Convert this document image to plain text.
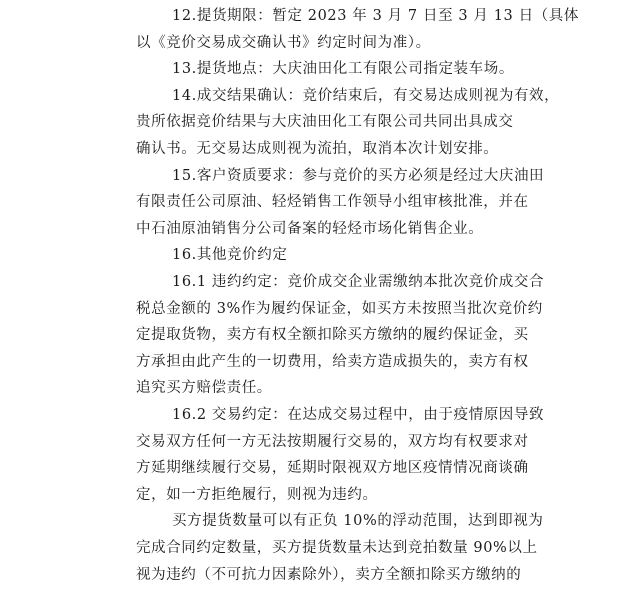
12.提货期限：暂定 2023 年 3 月 7 日至 3 月 13 日（具体
以《竞价交易成交确认书》约定时间为准）。
13.提货地点：大庆油田化工有限公司指定装车场。
14.成交结果确认：竞价结束后，有交易达成则视为有效，
贵所依据竞价结果与大庆油田化工有限公司共同出具成交
确认书。无交易达成则视为流拍，取消本次计划安排。
15.客户资质要求：参与竞价的买方必须是经过大庆油田
有限责任公司原油、轻烃销售工作领导小组审核批准，并在
中石油原油销售分公司备案的轻烃市场化销售企业。
16.其他竞价约定
16.1 违约约定：竞价成交企业需缴纳本批次竞价成交合
税总金额的 3%作为履约保证金，如买方未按照当批次竞价约
定提取货物，卖方有权全额扣除买方缴纳的履约保证金，买
方承担由此产生的一切费用，给卖方造成损失的，卖方有权
追究买方赔偿责任。
16.2 交易约定：在达成交易过程中，由于疫情原因导致
交易双方任何一方无法按期履行交易的，双方均有权要求对
方延期继续履行交易，延期时限视双方地区疫情情况商谈确
定，如一方拒绝履行，则视为违约。
买方提货数量可以有正负 10%的浮动范围，达到即视为
完成合同约定数量，买方提货数量未达到竞拍数量 90%以上
视为违约（不可抗力因素除外），卖方全额扣除买方缴纳的
